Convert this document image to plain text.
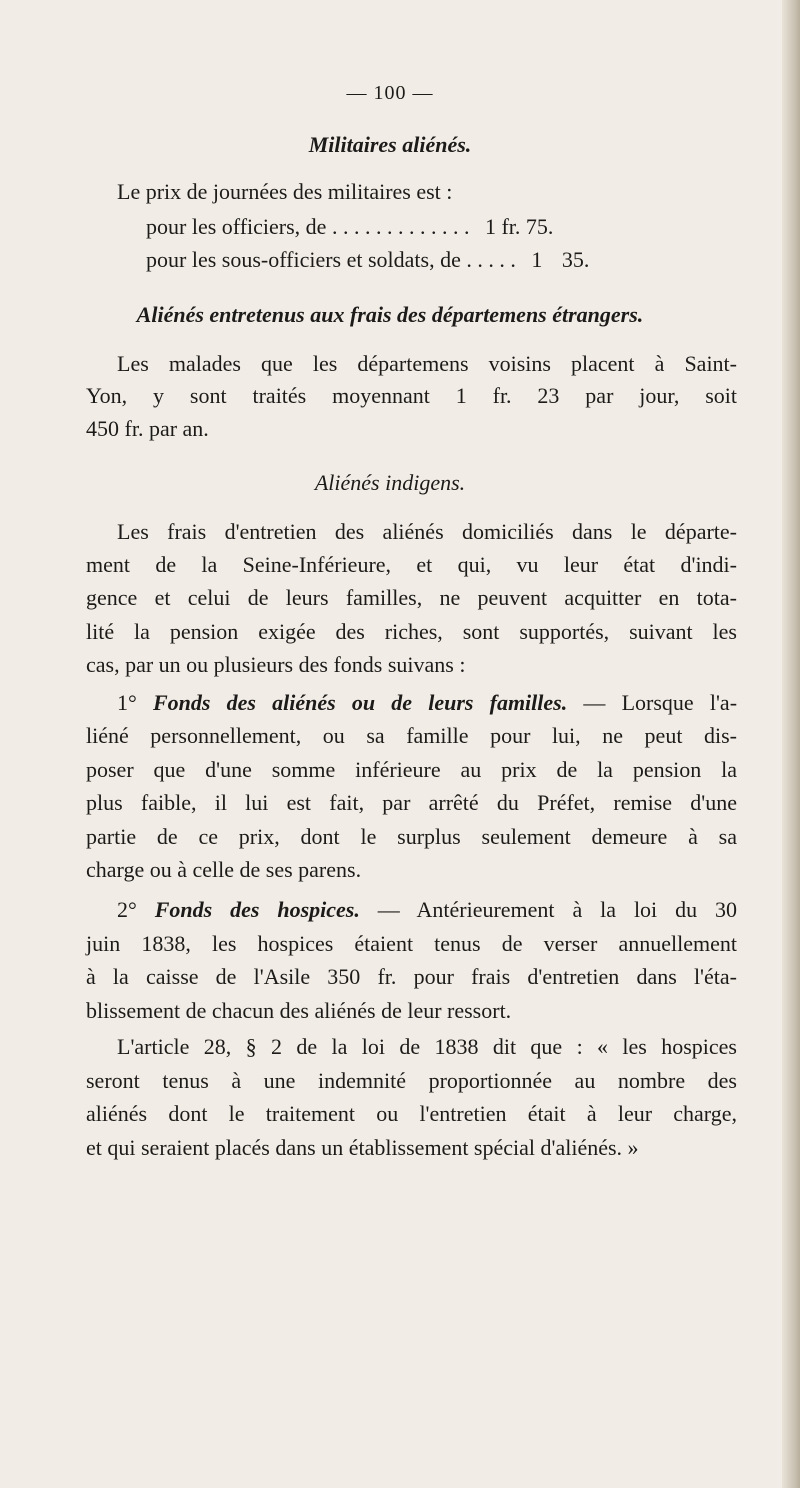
— 100 —
Militaires aliénés.
Le prix de journées des militaires est :
pour les officiers, de . . . . . . . . . . . . . 1 fr. 75.
pour les sous-officiers et soldats, de . . . . . 1 35.
Aliénés entretenus aux frais des départemens étrangers.
Les malades que les départemens voisins placent à Saint-
Yon, y sont traités moyennant 1 fr. 23 par jour, soit
450 fr. par an.
Aliénés indigens.
Les frais d'entretien des aliénés domiciliés dans le départe-
ment de la Seine-Inférieure, et qui, vu leur état d'indi-
gence et celui de leurs familles, ne peuvent acquitter en tota-
lité la pension exigée des riches, sont supportés, suivant les
cas, par un ou plusieurs des fonds suivans :
1° Fonds des aliénés ou de leurs familles. — Lorsque l'a-
liéné personnellement, ou sa famille pour lui, ne peut dis-
poser que d'une somme inférieure au prix de la pension la
plus faible, il lui est fait, par arrêté du Préfet, remise d'une
partie de ce prix, dont le surplus seulement demeure à sa
charge ou à celle de ses parens.
2° Fonds des hospices. — Antérieurement à la loi du 30
juin 1838, les hospices étaient tenus de verser annuellement
à la caisse de l'Asile 350 fr. pour frais d'entretien dans l'éta-
blissement de chacun des aliénés de leur ressort.
L'article 28, § 2 de la loi de 1838 dit que : « les hospices
seront tenus à une indemnité proportionnée au nombre des
aliénés dont le traitement ou l'entretien était à leur charge,
et qui seraient placés dans un établissement spécial d'aliénés. »
